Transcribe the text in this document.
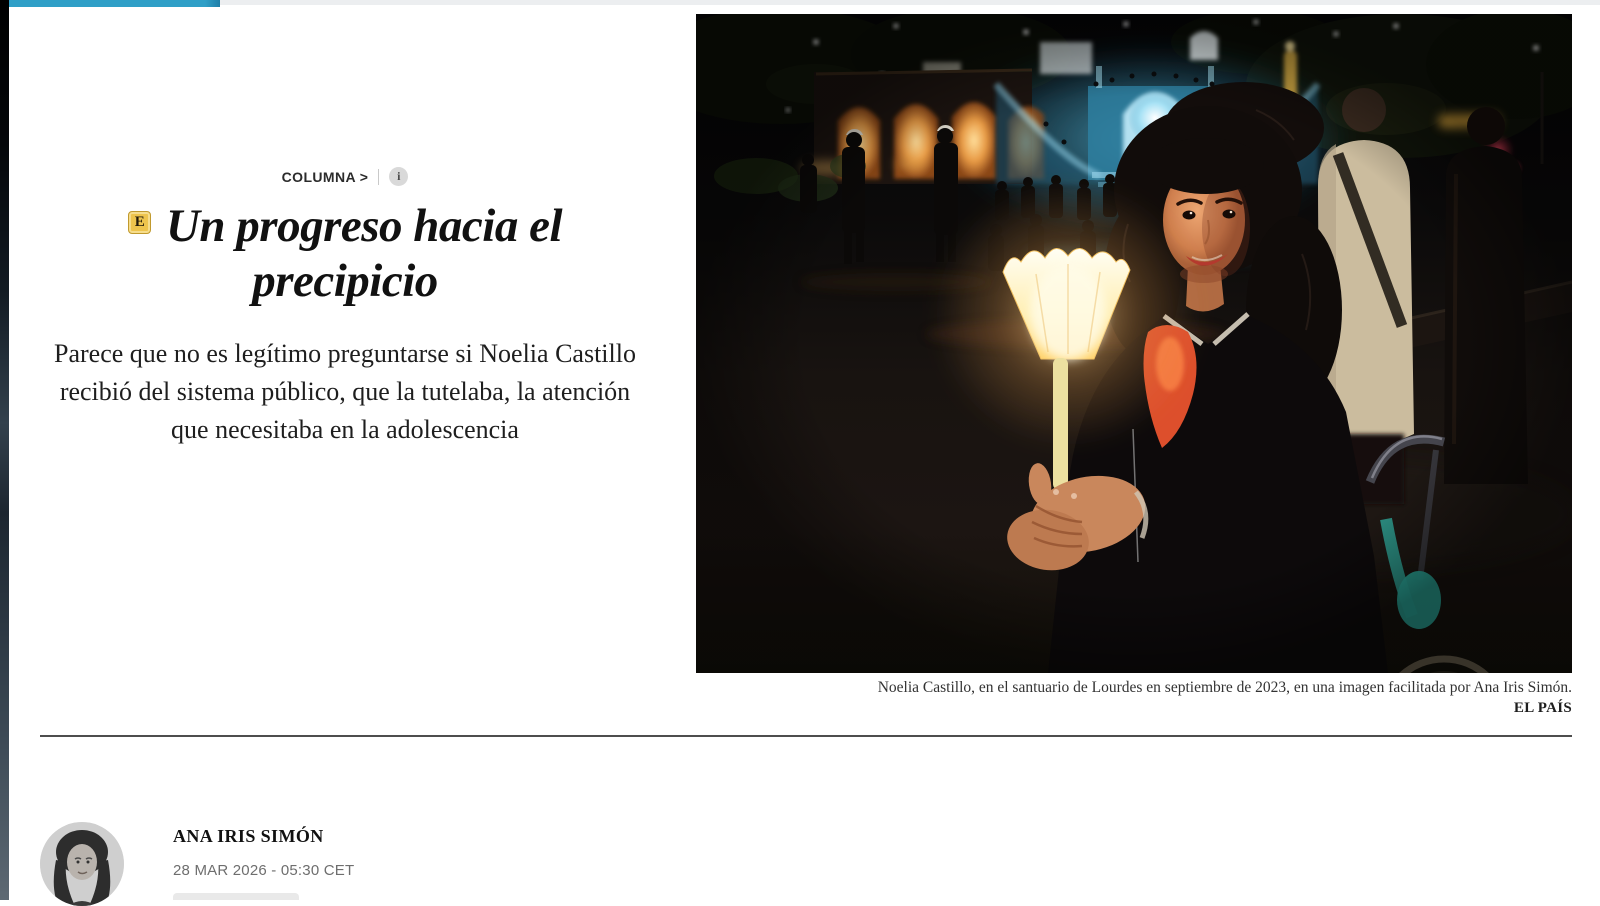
COLUMNA > i
E Un progreso hacia el
precipicio

Parece que no es legítimo preguntarse si Noelia Castillo recibió del sistema público, que la tutelaba, la atención que necesitaba en la adolescencia

Noelia Castillo, en el santuario de Lourdes en septiembre de 2023, en una imagen facilitada por Ana Iris Simón.
EL PAÍS
ANA IRIS SIMÓN
28 MAR 2026 - 05:30 CET
